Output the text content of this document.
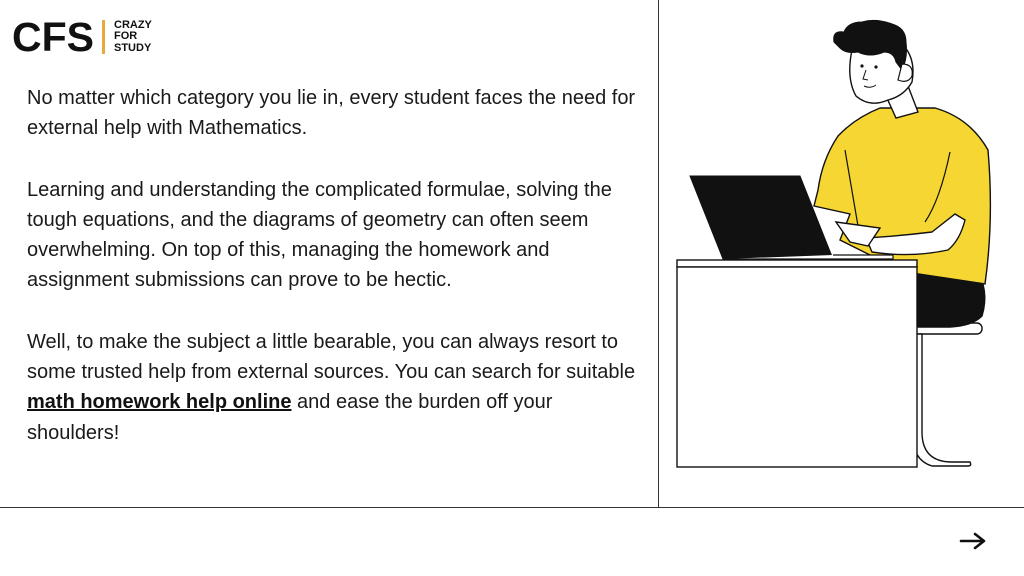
CFS CRAZY
FOR
STUDY

No matter which category you lie in, every student faces the need for external help with Mathematics.

Learning and understanding the complicated formulae, solving the tough equations, and the diagrams of geometry can often seem overwhelming. On top of this, managing the homework and assignment submissions can prove to be hectic.

Well, to make the subject a little bearable, you can always resort to some trusted help from external sources. You can search for suitable math homework help online and ease the burden off your shoulders!
